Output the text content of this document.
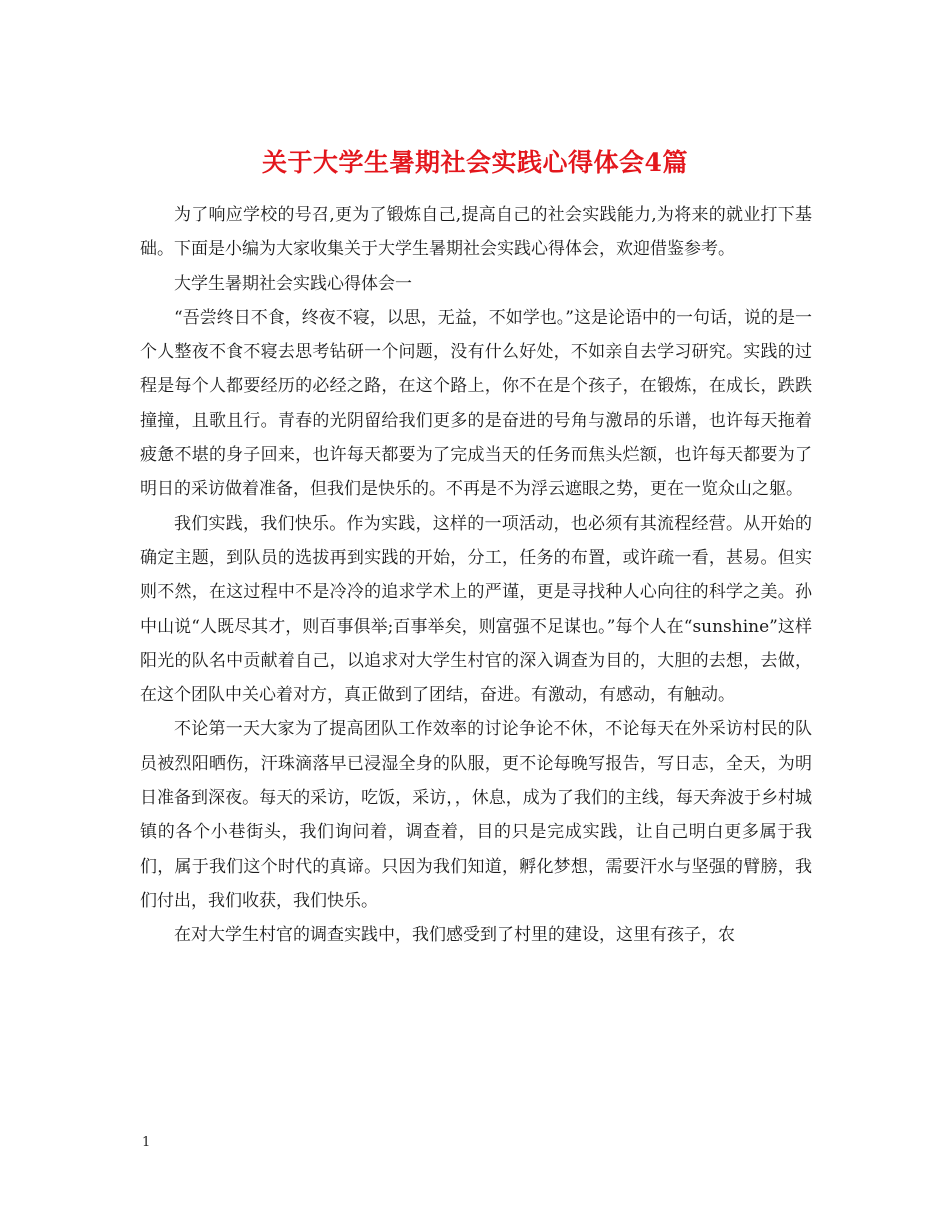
关于大学生暑期社会实践心得体会4篇

为了响应学校的号召,更为了锻炼自己,提高自己的社会实践能力,为将来的就业打下基础。下面是小编为大家收集关于大学生暑期社会实践心得体会，欢迎借鉴参考。

大学生暑期社会实践心得体会一

“吾尝终日不食，终夜不寝，以思，无益，不如学也。”这是论语中的一句话，说的是一个人整夜不食不寝去思考钻研一个问题，没有什么好处，不如亲自去学习研究。实践的过程是每个人都要经历的必经之路，在这个路上，你不在是个孩子，在锻炼，在成长，跌跌撞撞，且歌且行。青春的光阴留给我们更多的是奋进的号角与激昂的乐谱，也许每天拖着疲惫不堪的身子回来，也许每天都要为了完成当天的任务而焦头烂额，也许每天都要为了明日的采访做着准备，但我们是快乐的。不再是不为浮云遮眼之势，更在一览众山之躯。

我们实践，我们快乐。作为实践，这样的一项活动，也必须有其流程经营。从开始的确定主题，到队员的选拔再到实践的开始，分工，任务的布置，或许疏一看，甚易。但实则不然，在这过程中不是冷冷的追求学术上的严谨，更是寻找种人心向往的科学之美。孙中山说“人既尽其才，则百事俱举;百事举矣，则富强不足谋也。”每个人在“sunshine”这样阳光的队名中贡献着自己，以追求对大学生村官的深入调查为目的，大胆的去想，去做，在这个团队中关心着对方，真正做到了团结，奋进。有激动，有感动，有触动。

不论第一天大家为了提高团队工作效率的讨论争论不休，不论每天在外采访村民的队员被烈阳晒伤，汗珠滴落早已浸湿全身的队服，更不论每晚写报告，写日志，全天，为明日准备到深夜。每天的采访，吃饭，采访，，休息，成为了我们的主线，每天奔波于乡村城镇的各个小巷街头，我们询问着，调查着，目的只是完成实践，让自己明白更多属于我们，属于我们这个时代的真谛。只因为我们知道，孵化梦想，需要汗水与坚强的臂膀，我们付出，我们收获，我们快乐。

在对大学生村官的调查实践中，我们感受到了村里的建设，这里有孩子，农

1
